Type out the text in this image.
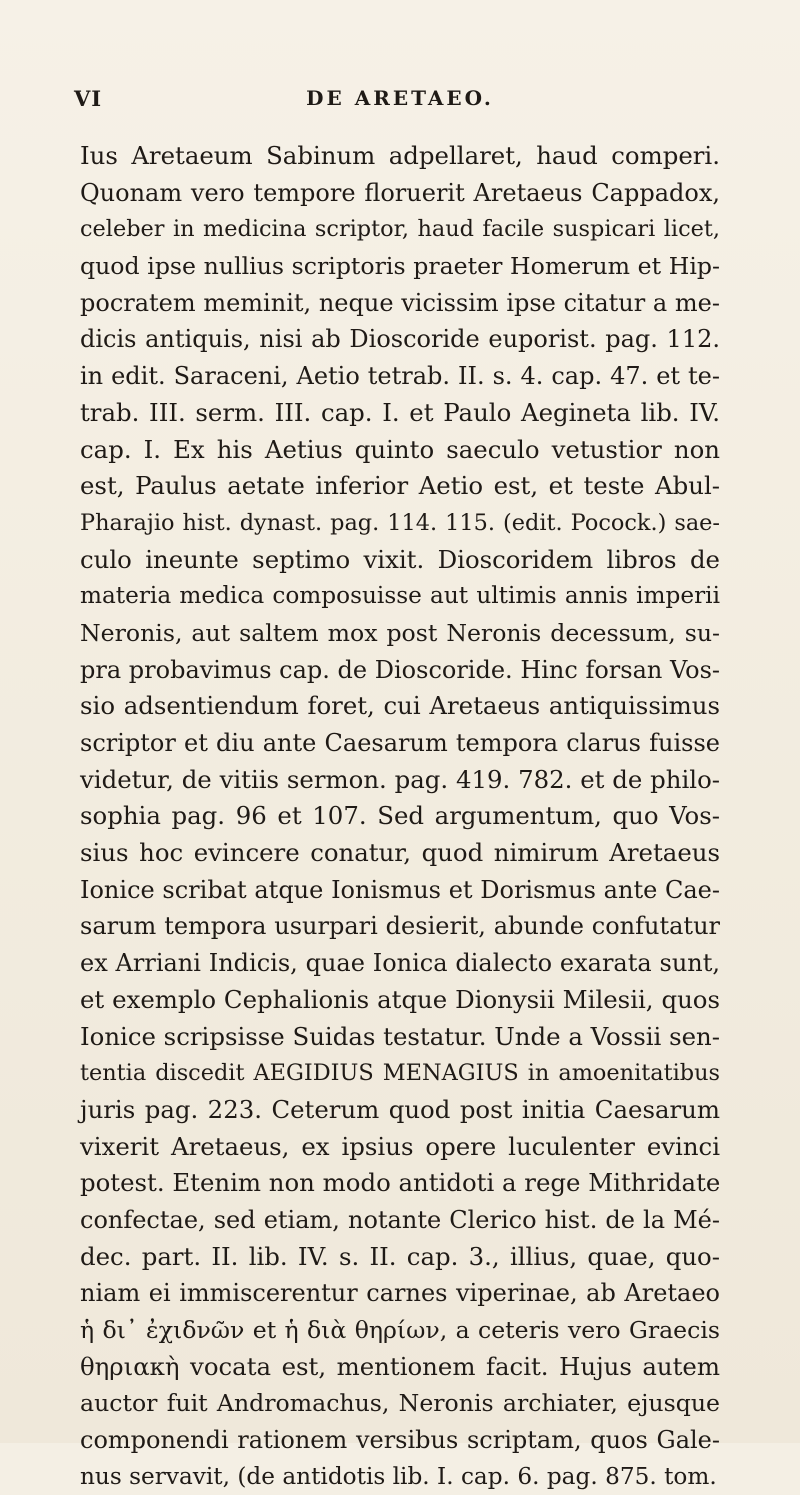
VI	DE ARETAEO.
Ius Aretaeum Sabinum adpellaret, haud comperi.
Quonam vero tempore floruerit Aretaeus Cappadox,
celeber in medicina scriptor, haud facile suspicari licet,
quod ipse nullius scriptoris praeter Homerum et Hip-
pocratem meminit, neque vicissim ipse citatur a me-
dicis antiquis, nisi ab Dioscoride euporist. pag. 112.
in edit. Saraceni, Aetio tetrab. II. s. 4. cap. 47. et te-
trab. III. serm. III. cap. I. et Paulo Aegineta lib. IV.
cap. I. Ex his Aetius quinto saeculo vetustior non
est, Paulus aetate inferior Aetio est, et teste Abul-
Pharajio hist. dynast. pag. 114. 115. (edit. Pocock.) sae-
culo ineunte septimo vixit. Dioscoridem libros de
materia medica composuisse aut ultimis annis imperii
Neronis, aut saltem mox post Neronis decessum, su-
pra probavimus cap. de Dioscoride. Hinc forsan Vos-
sio adsentiendum foret, cui Aretaeus antiquissimus
scriptor et diu ante Caesarum tempora clarus fuisse
videtur, de vitiis sermon. pag. 419. 782. et de philo-
sophia pag. 96 et 107. Sed argumentum, quo Vos-
sius hoc evincere conatur, quod nimirum Aretaeus
Ionice scribat atque Ionismus et Dorismus ante Cae-
sarum tempora usurpari desierit, abunde confutatur
ex Arriani Indicis, quae Ionica dialecto exarata sunt,
et exemplo Cephalionis atque Dionysii Milesii, quos
Ionice scripsisse Suidas testatur. Unde a Vossii sen-
tentia discedit AEGIDIUS MENAGIUS in amoenitatibus
juris pag. 223. Ceterum quod post initia Caesarum
vixerit Aretaeus, ex ipsius opere luculenter evinci
potest. Etenim non modo antidoti a rege Mithridate
confectae, sed etiam, notante Clerico hist. de la Mé-
dec. part. II. lib. IV. s. II. cap. 3., illius, quae, quo-
niam ei immiscerentur carnes viperinae, ab Aretaeo
ἡ δι᾽ ἐχιδνῶν et ἡ διὰ θηρίων, a ceteris vero Graecis
θηριακὴ vocata est, mentionem facit. Hujus autem
auctor fuit Andromachus, Neronis archiater, ejusque
componendi rationem versibus scriptam, quos Gale-
nus servavit, (de antidotis lib. I. cap. 6. pag. 875. tom.
